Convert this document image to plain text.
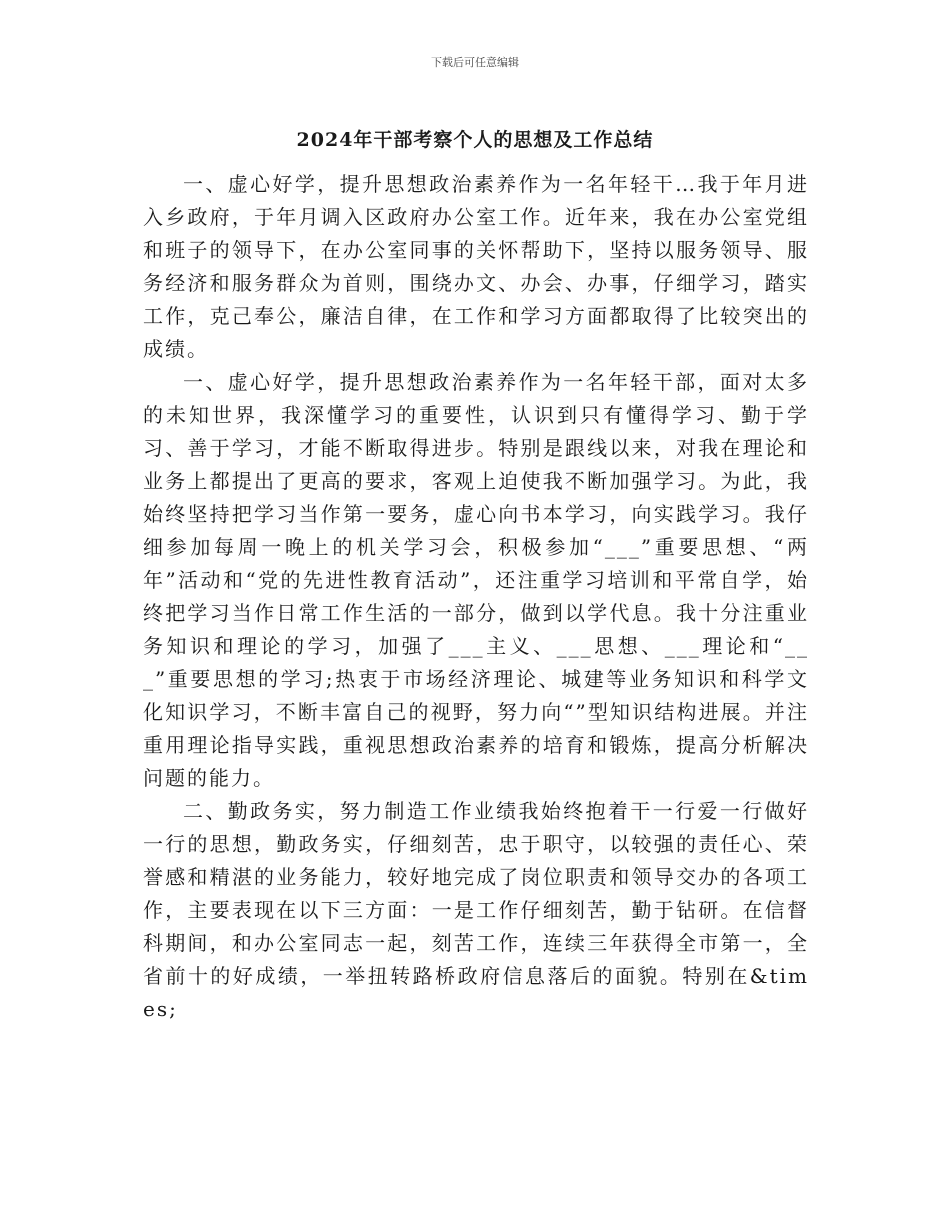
下载后可任意编辑
2024年干部考察个人的思想及工作总结

一、虚心好学，提升思想政治素养作为一名年轻干…我于年月进入乡政府，于年月调入区政府办公室工作。近年来，我在办公室党组和班子的领导下，在办公室同事的关怀帮助下，坚持以服务领导、服务经济和服务群众为首则，围绕办文、办会、办事，仔细学习，踏实工作，克己奉公，廉洁自律，在工作和学习方面都取得了比较突出的成绩。

一、虚心好学，提升思想政治素养作为一名年轻干部，面对太多的未知世界，我深懂学习的重要性，认识到只有懂得学习、勤于学习、善于学习，才能不断取得进步。特别是跟线以来，对我在理论和业务上都提出了更高的要求，客观上迫使我不断加强学习。为此，我始终坚持把学习当作第一要务，虚心向书本学习，向实践学习。我仔细参加每周一晚上的机关学习会，积极参加“___”重要思想、“两年”活动和“党的先进性教育活动”，还注重学习培训和平常自学，始终把学习当作日常工作生活的一部分，做到以学代息。我十分注重业务知识和理论的学习，加强了___主义、___思想、___理论和“___”重要思想的学习;热衷于市场经济理论、城建等业务知识和科学文化知识学习，不断丰富自己的视野，努力向“”型知识结构进展。并注重用理论指导实践，重视思想政治素养的培育和锻炼，提高分析解决问题的能力。

二、勤政务实，努力制造工作业绩我始终抱着干一行爱一行做好一行的思想，勤政务实，仔细刻苦，忠于职守，以较强的责任心、荣誉感和精湛的业务能力，较好地完成了岗位职责和领导交办的各项工作，主要表现在以下三方面：一是工作仔细刻苦，勤于钻研。在信督科期间，和办公室同志一起，刻苦工作，连续三年获得全市第一，全省前十的好成绩，一举扭转路桥政府信息落后的面貌。特别在&times;
